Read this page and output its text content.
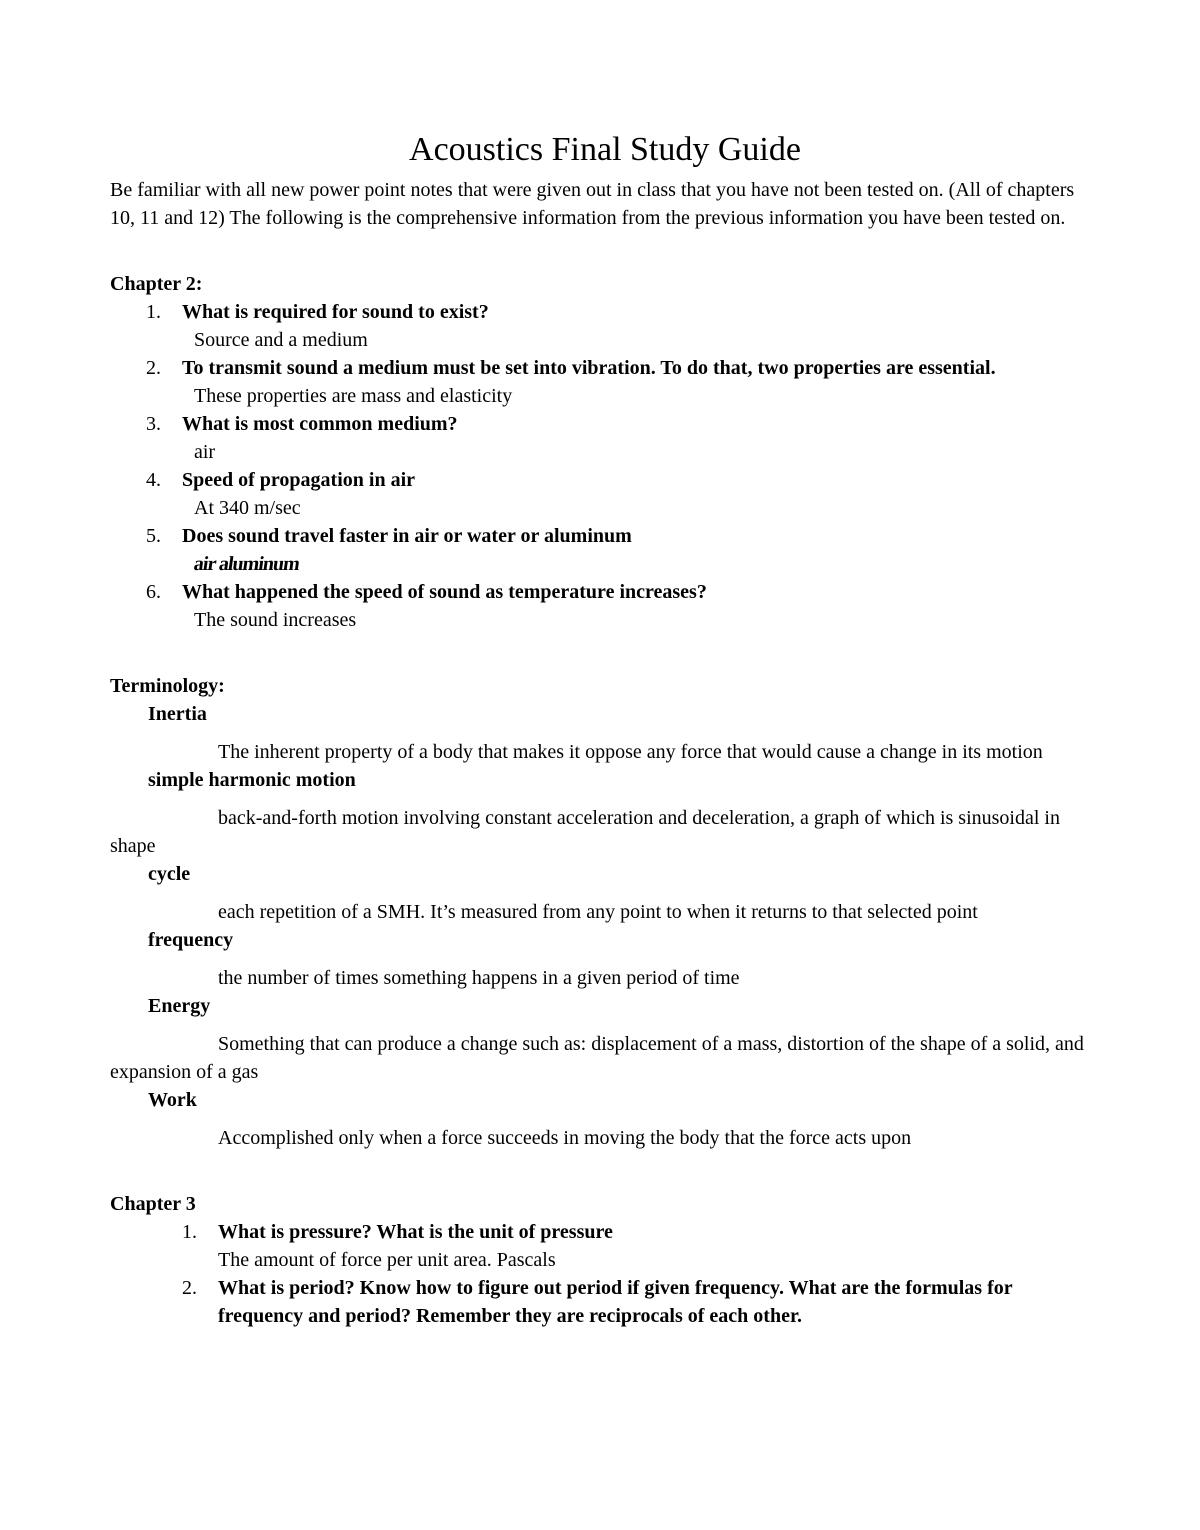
Acoustics Final Study Guide

Be familiar with all new power point notes that were given out in class that you have not been tested on. (All of chapters 10, 11 and 12) The following is the comprehensive information from the previous information you have been tested on.

Chapter 2:
1. What is required for sound to exist?
Source and a medium
2. To transmit sound a medium must be set into vibration. To do that, two properties are essential.
These properties are mass and elasticity
3. What is most common medium?
air
4. Speed of propagation in air
At 340 m/sec
5. Does sound travel faster in air or water or aluminum
air aluminum
6. What happened the speed of sound as temperature increases?
The sound increases
Terminology:
Inertia
The inherent property of a body that makes it oppose any force that would cause a change in its motion
simple harmonic motion
back-and-forth motion involving constant acceleration and deceleration, a graph of which is sinusoidal in shape
cycle
each repetition of a SMH. It’s measured from any point to when it returns to that selected point
frequency
the number of times something happens in a given period of time
Energy
Something that can produce a change such as: displacement of a mass, distortion of the shape of a solid, and expansion of a gas
Work
Accomplished only when a force succeeds in moving the body that the force acts upon
Chapter 3
1. What is pressure? What is the unit of pressure
The amount of force per unit area. Pascals
2. What is period? Know how to figure out period if given frequency. What are the formulas for frequency and period? Remember they are reciprocals of each other.
